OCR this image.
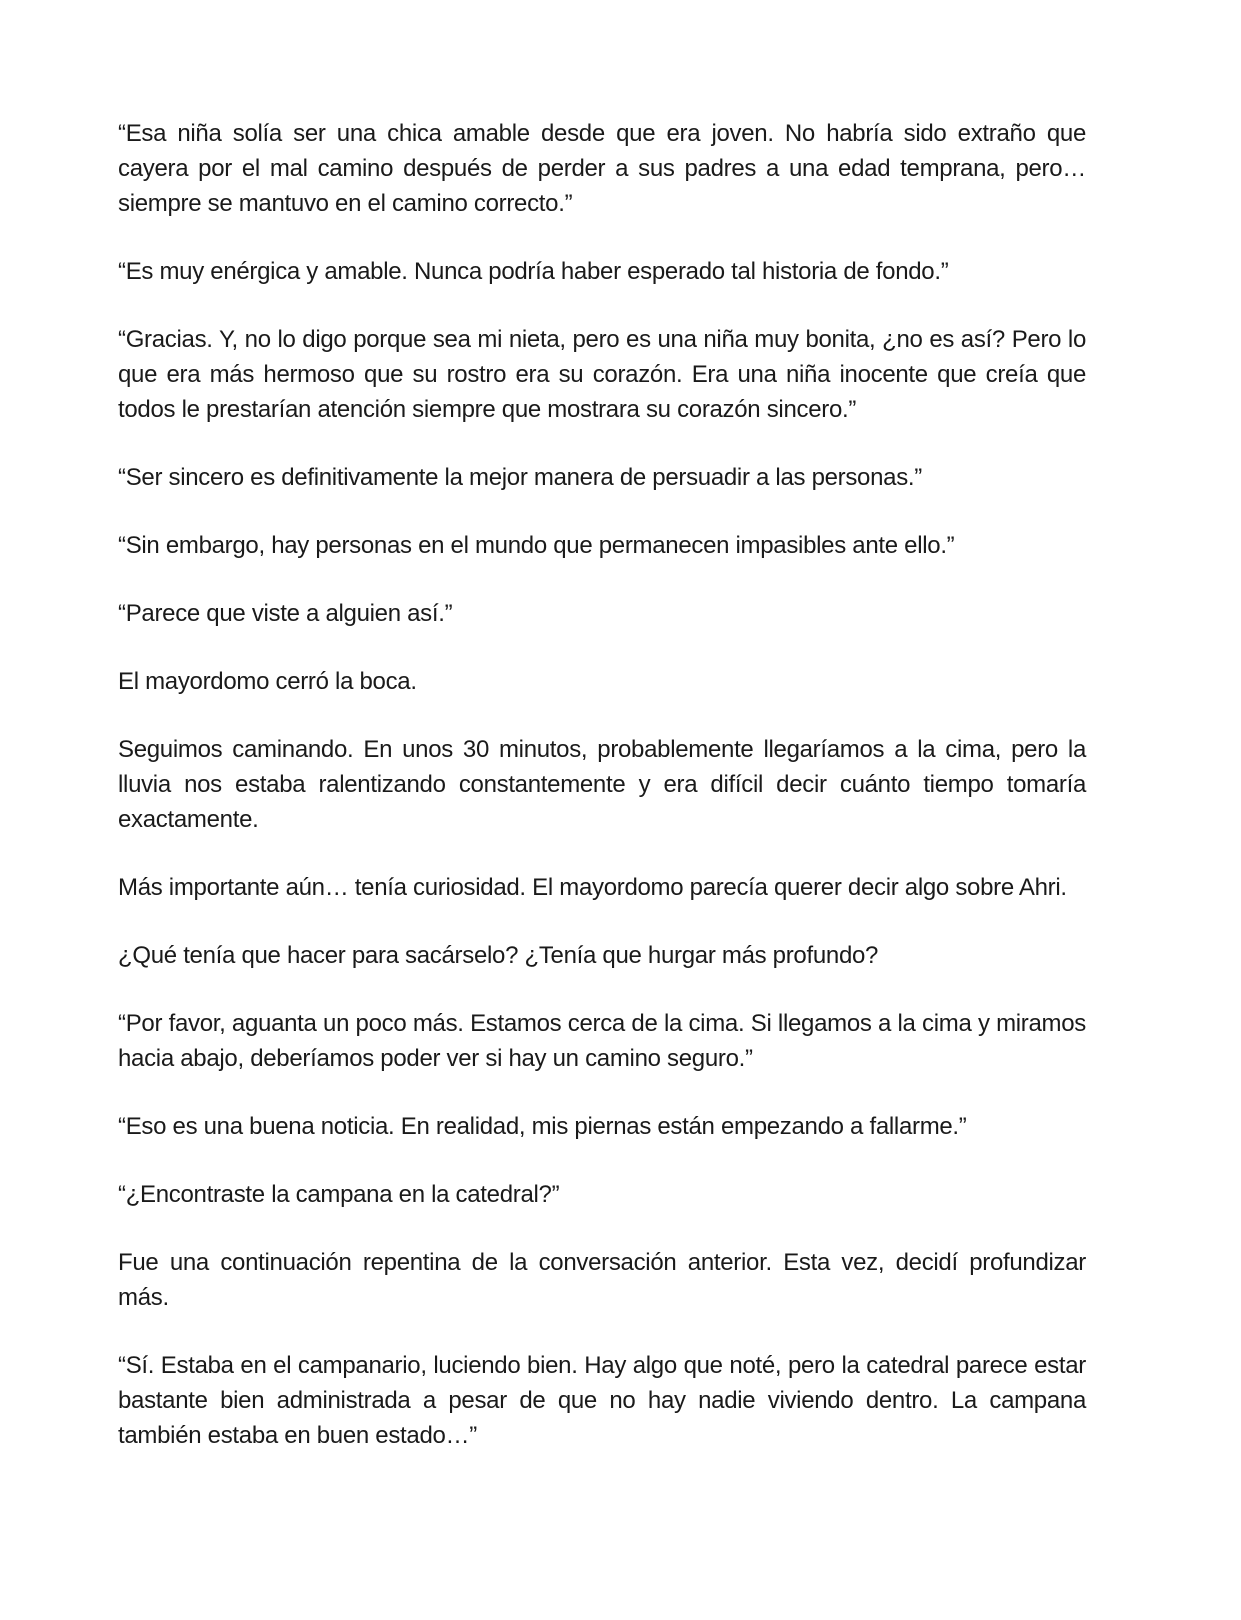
“Esa niña solía ser una chica amable desde que era joven. No habría sido extraño que cayera por el mal camino después de perder a sus padres a una edad temprana, pero… siempre se mantuvo en el camino correcto.”

“Es muy enérgica y amable. Nunca podría haber esperado tal historia de fondo.”

“Gracias. Y, no lo digo porque sea mi nieta, pero es una niña muy bonita, ¿no es así? Pero lo que era más hermoso que su rostro era su corazón. Era una niña inocente que creía que todos le prestarían atención siempre que mostrara su corazón sincero.”

“Ser sincero es definitivamente la mejor manera de persuadir a las personas.”

“Sin embargo, hay personas en el mundo que permanecen impasibles ante ello.”

“Parece que viste a alguien así.”

El mayordomo cerró la boca.

Seguimos caminando. En unos 30 minutos, probablemente llegaríamos a la cima, pero la lluvia nos estaba ralentizando constantemente y era difícil decir cuánto tiempo tomaría exactamente.

Más importante aún… tenía curiosidad. El mayordomo parecía querer decir algo sobre Ahri.

¿Qué tenía que hacer para sacárselo? ¿Tenía que hurgar más profundo?

“Por favor, aguanta un poco más. Estamos cerca de la cima. Si llegamos a la cima y miramos hacia abajo, deberíamos poder ver si hay un camino seguro.”

“Eso es una buena noticia. En realidad, mis piernas están empezando a fallarme.”

“¿Encontraste la campana en la catedral?”

Fue una continuación repentina de la conversación anterior. Esta vez, decidí profundizar más.

“Sí. Estaba en el campanario, luciendo bien. Hay algo que noté, pero la catedral parece estar bastante bien administrada a pesar de que no hay nadie viviendo dentro. La campana también estaba en buen estado…”
